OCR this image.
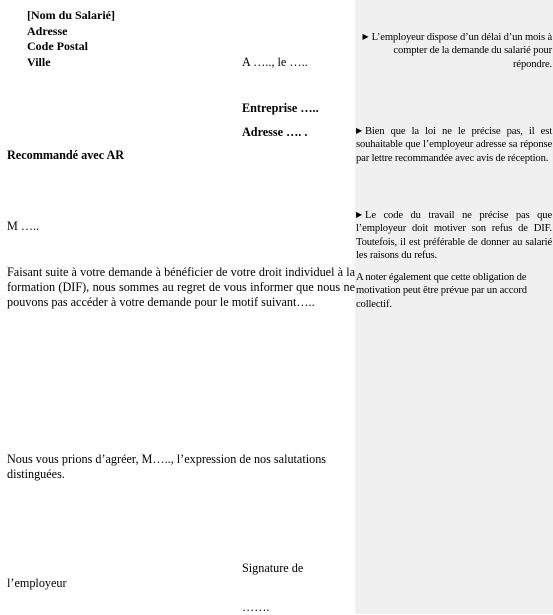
[Nom du Salarié]
Adresse
Code Postal
Ville	A ….., le …..
Entreprise …..
Adresse …. .
Recommandé avec AR
M …..
Faisant suite à votre demande à bénéficier de votre droit individuel à la formation (DIF), nous sommes au regret de vous informer que nous ne pouvons pas accéder à votre demande pour le motif suivant…..
Nous vous prions d’agréer, M….., l’expression de nos salutations distinguées.
Signature de
l’employeur
…….
▶ L’employeur dispose d’un délai d’un mois à compter de la demande du salarié pour répondre.
▶ Bien que la loi ne le précise pas, il est souhaitable que l’employeur adresse sa réponse par lettre recommandée avec avis de réception.
▶ Le code du travail ne précise pas que l’employeur doit motiver son refus de DIF. Toutefois, il est préférable de donner au salarié les raisons du refus.
A noter également que cette obligation de motivation peut être prévue par un accord collectif.
